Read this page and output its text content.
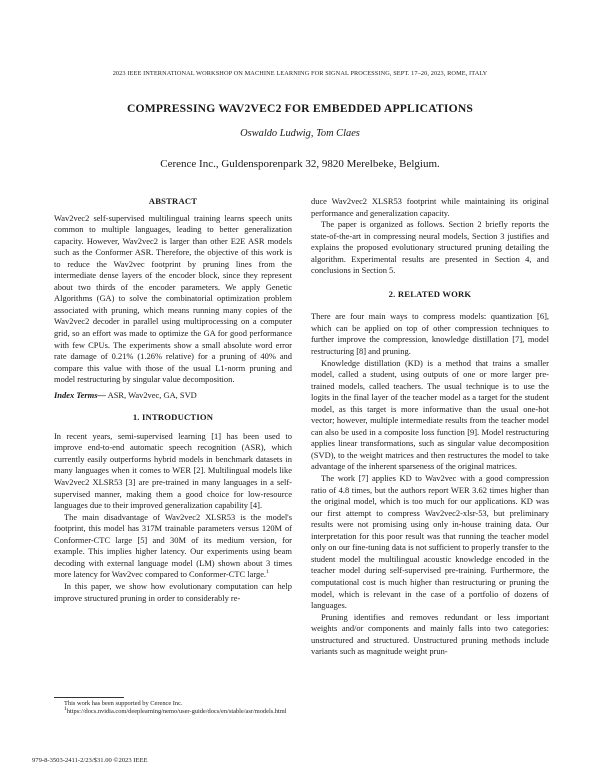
2023 IEEE INTERNATIONAL WORKSHOP ON MACHINE LEARNING FOR SIGNAL PROCESSING, SEPT. 17–20, 2023, ROME, ITALY
COMPRESSING WAV2VEC2 FOR EMBEDDED APPLICATIONS
Oswaldo Ludwig, Tom Claes
Cerence Inc., Guldensporenpark 32, 9820 Merelbeke, Belgium.
ABSTRACT

Wav2vec2 self-supervised multilingual training learns speech units common to multiple languages, leading to better generalization capacity. However, Wav2vec2 is larger than other E2E ASR models such as the Conformer ASR. Therefore, the objective of this work is to reduce the Wav2vec footprint by pruning lines from the intermediate dense layers of the encoder block, since they represent about two thirds of the encoder parameters. We apply Genetic Algorithms (GA) to solve the combinatorial optimization problem associated with pruning, which means running many copies of the Wav2vec2 decoder in parallel using multiprocessing on a computer grid, so an effort was made to optimize the GA for good performance with few CPUs. The experiments show a small absolute word error rate damage of 0.21% (1.26% relative) for a pruning of 40% and compare this value with those of the usual L1-norm pruning and model restructuring by singular value decomposition.

Index Terms— ASR, Wav2vec, GA, SVD

1. INTRODUCTION

In recent years, semi-supervised learning [1] has been used to improve end-to-end automatic speech recognition (ASR), which currently easily outperforms hybrid models in benchmark datasets in many languages when it comes to WER [2]. Multilingual models like Wav2vec2 XLSR53 [3] are pre-trained in many languages in a self-supervised manner, making them a good choice for low-resource languages due to their improved generalization capability [4].

The main disadvantage of Wav2vec2 XLSR53 is the model's footprint, this model has 317M trainable parameters versus 120M of Conformer-CTC large [5] and 30M of its medium version, for example. This implies higher latency. Our experiments using beam decoding with external language model (LM) shown about 3 times more latency for Wav2vec compared to Conformer-CTC large.$^1$

In this paper, we show how evolutionary computation can help improve structured pruning in order to considerably re-

This work has been supported by Cerence Inc.

$^1$https://docs.nvidia.com/deeplearning/nemo/user-guide/docs/en/stable/asr/models.html

duce Wav2vec2 XLSR53 footprint while maintaining its original performance and generalization capacity.

The paper is organized as follows. Section 2 briefly reports the state-of-the-art in compressing neural models, Section 3 justifies and explains the proposed evolutionary structured pruning detailing the algorithm. Experimental results are presented in Section 4, and conclusions in Section 5.

2. RELATED WORK

There are four main ways to compress models: quantization [6], which can be applied on top of other compression techniques to further improve the compression, knowledge distillation [7], model restructuring [8] and pruning.

Knowledge distillation (KD) is a method that trains a smaller model, called a student, using outputs of one or more larger pre-trained models, called teachers. The usual technique is to use the logits in the final layer of the teacher model as a target for the student model, as this target is more informative than the usual one-hot vector; however, multiple intermediate results from the teacher model can also be used in a composite loss function [9]. Model restructuring applies linear transformations, such as singular value decomposition (SVD), to the weight matrices and then restructures the model to take advantage of the inherent sparseness of the original matrices.

The work [7] applies KD to Wav2vec with a good compression ratio of 4.8 times, but the authors report WER 3.62 times higher than the original model, which is too much for our applications. KD was our first attempt to compress Wav2vec2-xlsr-53, but preliminary results were not promising using only in-house training data. Our interpretation for this poor result was that running the teacher model only on our fine-tuning data is not sufficient to properly transfer to the student model the multilingual acoustic knowledge encoded in the teacher model during self-supervised pre-training. Furthermore, the computational cost is much higher than restructuring or pruning the model, which is relevant in the case of a portfolio of dozens of languages.

Pruning identifies and removes redundant or less important weights and/or components and mainly falls into two categories: unstructured and structured. Unstructured pruning methods include variants such as magnitude weight prun-

979-8-3503-2411-2/23/$31.00 ©2023 IEEE
